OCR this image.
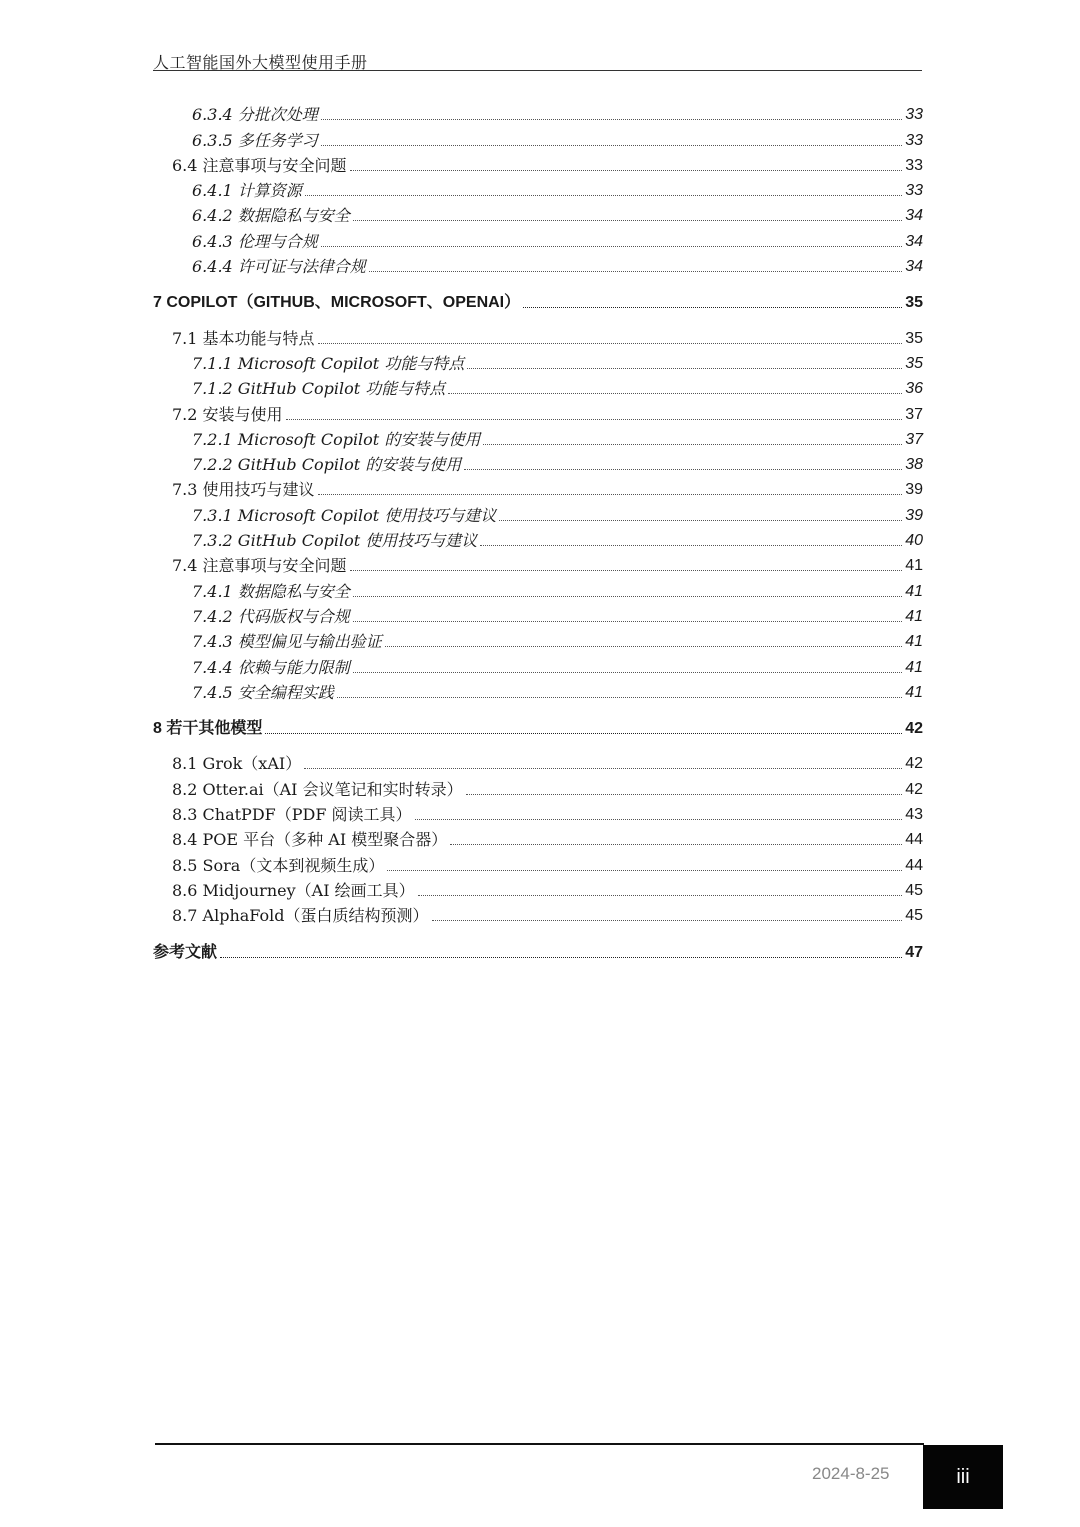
人工智能国外大模型使用手册
6.3.4 分批次处理	33
6.3.5 多任务学习	33
6.4 注意事项与安全问题	33
6.4.1 计算资源	33
6.4.2 数据隐私与安全	34
6.4.3 伦理与合规	34
6.4.4 许可证与法律合规	34
7 COPILOT（GITHUB、MICROSOFT、OPENAI）	35
7.1 基本功能与特点	35
7.1.1 Microsoft Copilot 功能与特点	35
7.1.2 GitHub Copilot 功能与特点	36
7.2 安装与使用	37
7.2.1 Microsoft Copilot 的安装与使用	37
7.2.2 GitHub Copilot 的安装与使用	38
7.3 使用技巧与建议	39
7.3.1 Microsoft Copilot 使用技巧与建议	39
7.3.2 GitHub Copilot 使用技巧与建议	40
7.4 注意事项与安全问题	41
7.4.1 数据隐私与安全	41
7.4.2 代码版权与合规	41
7.4.3 模型偏见与输出验证	41
7.4.4 依赖与能力限制	41
7.4.5 安全编程实践	41
8 若干其他模型	42
8.1 Grok（xAI）	42
8.2 Otter.ai（AI 会议笔记和实时转录）	42
8.3 ChatPDF（PDF 阅读工具）	43
8.4 POE 平台（多种 AI 模型聚合器）	44
8.5 Sora（文本到视频生成）	44
8.6 Midjourney（AI 绘画工具）	45
8.7 AlphaFold（蛋白质结构预测）	45
参考文献	47
2024-8-25	iii
